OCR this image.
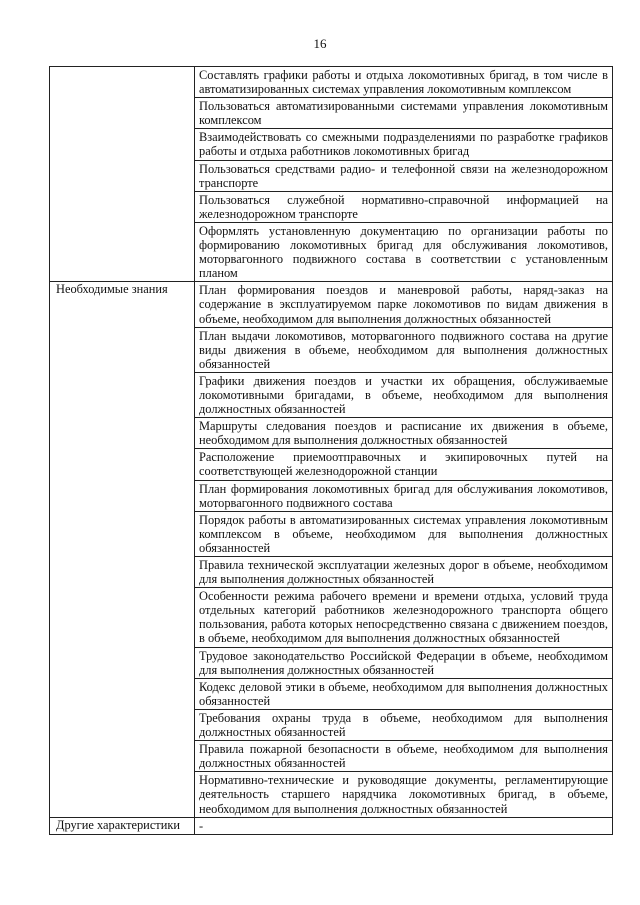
16
	Составлять графики работы и отдыха локомотивных бригад, в том числе в автоматизированных системах управления локомотивным комплексом
	Пользоваться автоматизированными системами управления локомотивным комплексом
	Взаимодействовать со смежными подразделениями по разработке графиков работы и отдыха работников локомотивных бригад
	Пользоваться средствами радио- и телефонной связи на железнодорожном транспорте
	Пользоваться служебной нормативно-справочной информацией на железнодорожном транспорте
	Оформлять установленную документацию по организации работы по формированию локомотивных бригад для обслуживания локомотивов, моторвагонного подвижного состава в соответствии с установленным планом
Необходимые знания	План формирования поездов и маневровой работы, наряд-заказ на содержание в эксплуатируемом парке локомотивов по видам движения в объеме, необходимом для выполнения должностных обязанностей
	План выдачи локомотивов, моторвагонного подвижного состава на другие виды движения в объеме, необходимом для выполнения должностных обязанностей
	Графики движения поездов и участки их обращения, обслуживаемые локомотивными бригадами, в объеме, необходимом для выполнения должностных обязанностей
	Маршруты следования поездов и расписание их движения в объеме, необходимом для выполнения должностных обязанностей
	Расположение приемоотправочных и экипировочных путей на соответствующей железнодорожной станции
	План формирования локомотивных бригад для обслуживания локомотивов, моторвагонного подвижного состава
	Порядок работы в автоматизированных системах управления локомотивным комплексом в объеме, необходимом для выполнения должностных обязанностей
	Правила технической эксплуатации железных дорог в объеме, необходимом для выполнения должностных обязанностей
	Особенности режима рабочего времени и времени отдыха, условий труда отдельных категорий работников железнодорожного транспорта общего пользования, работа которых непосредственно связана с движением поездов, в объеме, необходимом для выполнения должностных обязанностей
	Трудовое законодательство Российской Федерации в объеме, необходимом для выполнения должностных обязанностей
	Кодекс деловой этики в объеме, необходимом для выполнения должностных обязанностей
	Требования охраны труда в объеме, необходимом для выполнения должностных обязанностей
	Правила пожарной безопасности в объеме, необходимом для выполнения должностных обязанностей
	Нормативно-технические и руководящие документы, регламентирующие деятельность старшего нарядчика локомотивных бригад, в объеме, необходимом для выполнения должностных обязанностей
Другие характеристики	-
